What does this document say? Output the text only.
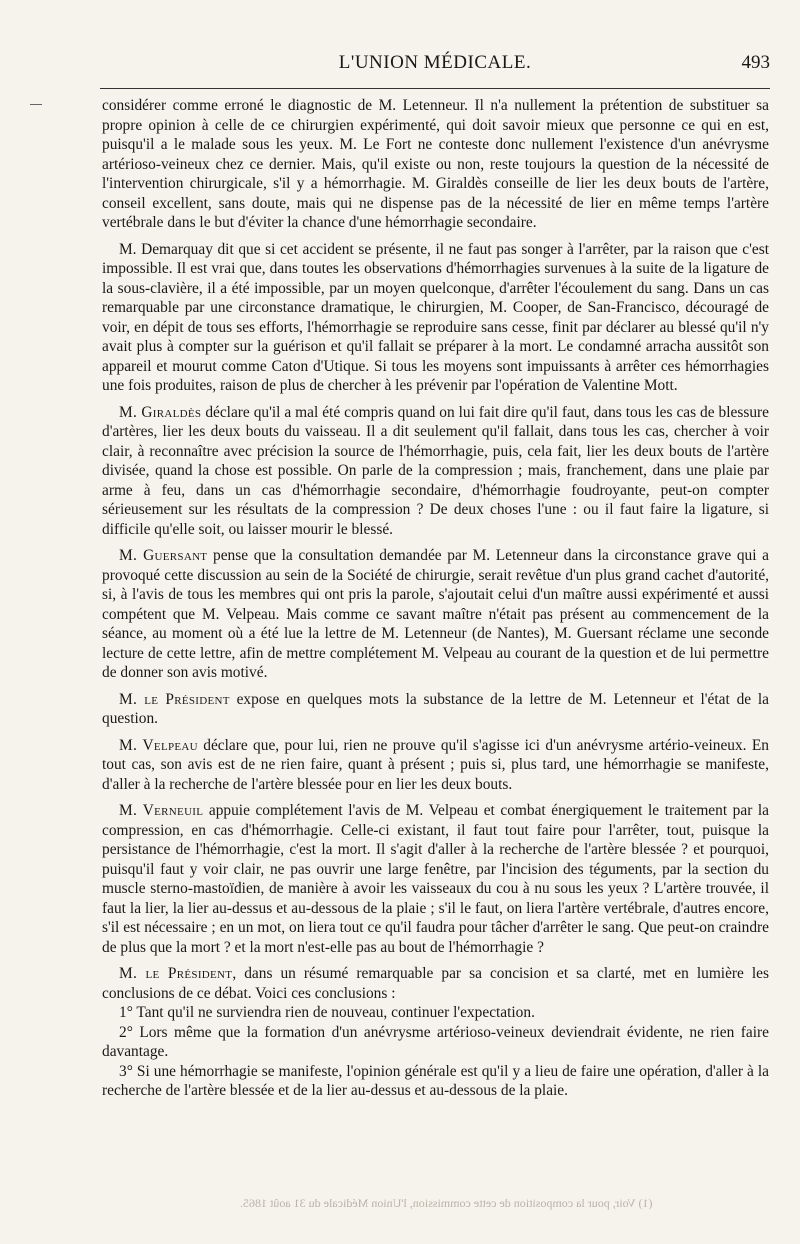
L'UNION MÉDICALE.	493

considérer comme erroné le diagnostic de M. Letenneur. Il n'a nullement la prétention de substituer sa propre opinion à celle de ce chirurgien expérimenté, qui doit savoir mieux que personne ce qui en est, puisqu'il a le malade sous les yeux. M. Le Fort ne conteste donc nullement l'existence d'un anévrysme artérioso-veineux chez ce dernier. Mais, qu'il existe ou non, reste toujours la question de la nécessité de l'intervention chirurgicale, s'il y a hémorrhagie. M. Giraldès conseille de lier les deux bouts de l'artère, conseil excellent, sans doute, mais qui ne dispense pas de la nécessité de lier en même temps l'artère vertébrale dans le but d'éviter la chance d'une hémorrhagie secondaire.

M. Demarquay dit que si cet accident se présente, il ne faut pas songer à l'arrêter, par la raison que c'est impossible. Il est vrai que, dans toutes les observations d'hémorrhagies survenues à la suite de la ligature de la sous-clavière, il a été impossible, par un moyen quelconque, d'arrêter l'écoulement du sang. Dans un cas remarquable par une circonstance dramatique, le chirurgien, M. Cooper, de San-Francisco, découragé de voir, en dépit de tous ses efforts, l'hémorrhagie se reproduire sans cesse, finit par déclarer au blessé qu'il n'y avait plus à compter sur la guérison et qu'il fallait se préparer à la mort. Le condamné arracha aussitôt son appareil et mourut comme Caton d'Utique. Si tous les moyens sont impuissants à arrêter ces hémorrhagies une fois produites, raison de plus de chercher à les prévenir par l'opération de Valentine Mott.

M. Giraldès déclare qu'il a mal été compris quand on lui fait dire qu'il faut, dans tous les cas de blessure d'artères, lier les deux bouts du vaisseau. Il a dit seulement qu'il fallait, dans tous les cas, chercher à voir clair, à reconnaître avec précision la source de l'hémorrhagie, puis, cela fait, lier les deux bouts de l'artère divisée, quand la chose est possible. On parle de la compression ; mais, franchement, dans une plaie par arme à feu, dans un cas d'hémorrhagie secondaire, d'hémorrhagie foudroyante, peut-on compter sérieusement sur les résultats de la compression ? De deux choses l'une : ou il faut faire la ligature, si difficile qu'elle soit, ou laisser mourir le blessé.

M. Guersant pense que la consultation demandée par M. Letenneur dans la circonstance grave qui a provoqué cette discussion au sein de la Société de chirurgie, serait revêtue d'un plus grand cachet d'autorité, si, à l'avis de tous les membres qui ont pris la parole, s'ajoutait celui d'un maître aussi expérimenté et aussi compétent que M. Velpeau. Mais comme ce savant maître n'était pas présent au commencement de la séance, au moment où a été lue la lettre de M. Letenneur (de Nantes), M. Guersant réclame une seconde lecture de cette lettre, afin de mettre complétement M. Velpeau au courant de la question et de lui permettre de donner son avis motivé.

M. le Président expose en quelques mots la substance de la lettre de M. Letenneur et l'état de la question.

M. Velpeau déclare que, pour lui, rien ne prouve qu'il s'agisse ici d'un anévrysme artério-veineux. En tout cas, son avis est de ne rien faire, quant à présent ; puis si, plus tard, une hémorrhagie se manifeste, d'aller à la recherche de l'artère blessée pour en lier les deux bouts.

M. Verneuil appuie complétement l'avis de M. Velpeau et combat énergiquement le traitement par la compression, en cas d'hémorrhagie. Celle-ci existant, il faut tout faire pour l'arrêter, tout, puisque la persistance de l'hémorrhagie, c'est la mort. Il s'agit d'aller à la recherche de l'artère blessée ? et pourquoi, puisqu'il faut y voir clair, ne pas ouvrir une large fenêtre, par l'incision des téguments, par la section du muscle sterno-mastoïdien, de manière à avoir les vaisseaux du cou à nu sous les yeux ? L'artère trouvée, il faut la lier, la lier au-dessus et au-dessous de la plaie ; s'il le faut, on liera l'artère vertébrale, d'autres encore, s'il est nécessaire ; en un mot, on liera tout ce qu'il faudra pour tâcher d'arrêter le sang. Que peut-on craindre de plus que la mort ? et la mort n'est-elle pas au bout de l'hémorrhagie ?

M. le Président, dans un résumé remarquable par sa concision et sa clarté, met en lumière les conclusions de ce débat. Voici ces conclusions :

1° Tant qu'il ne surviendra rien de nouveau, continuer l'expectation.

2° Lors même que la formation d'un anévrysme artérioso-veineux deviendrait évidente, ne rien faire davantage.

3° Si une hémorrhagie se manifeste, l'opinion générale est qu'il y a lieu de faire une opération, d'aller à la recherche de l'artère blessée et de la lier au-dessus et au-dessous de la plaie.

(1) Voir, pour la composition de cette commission, l'Union Médicale du 31 août 1865.
